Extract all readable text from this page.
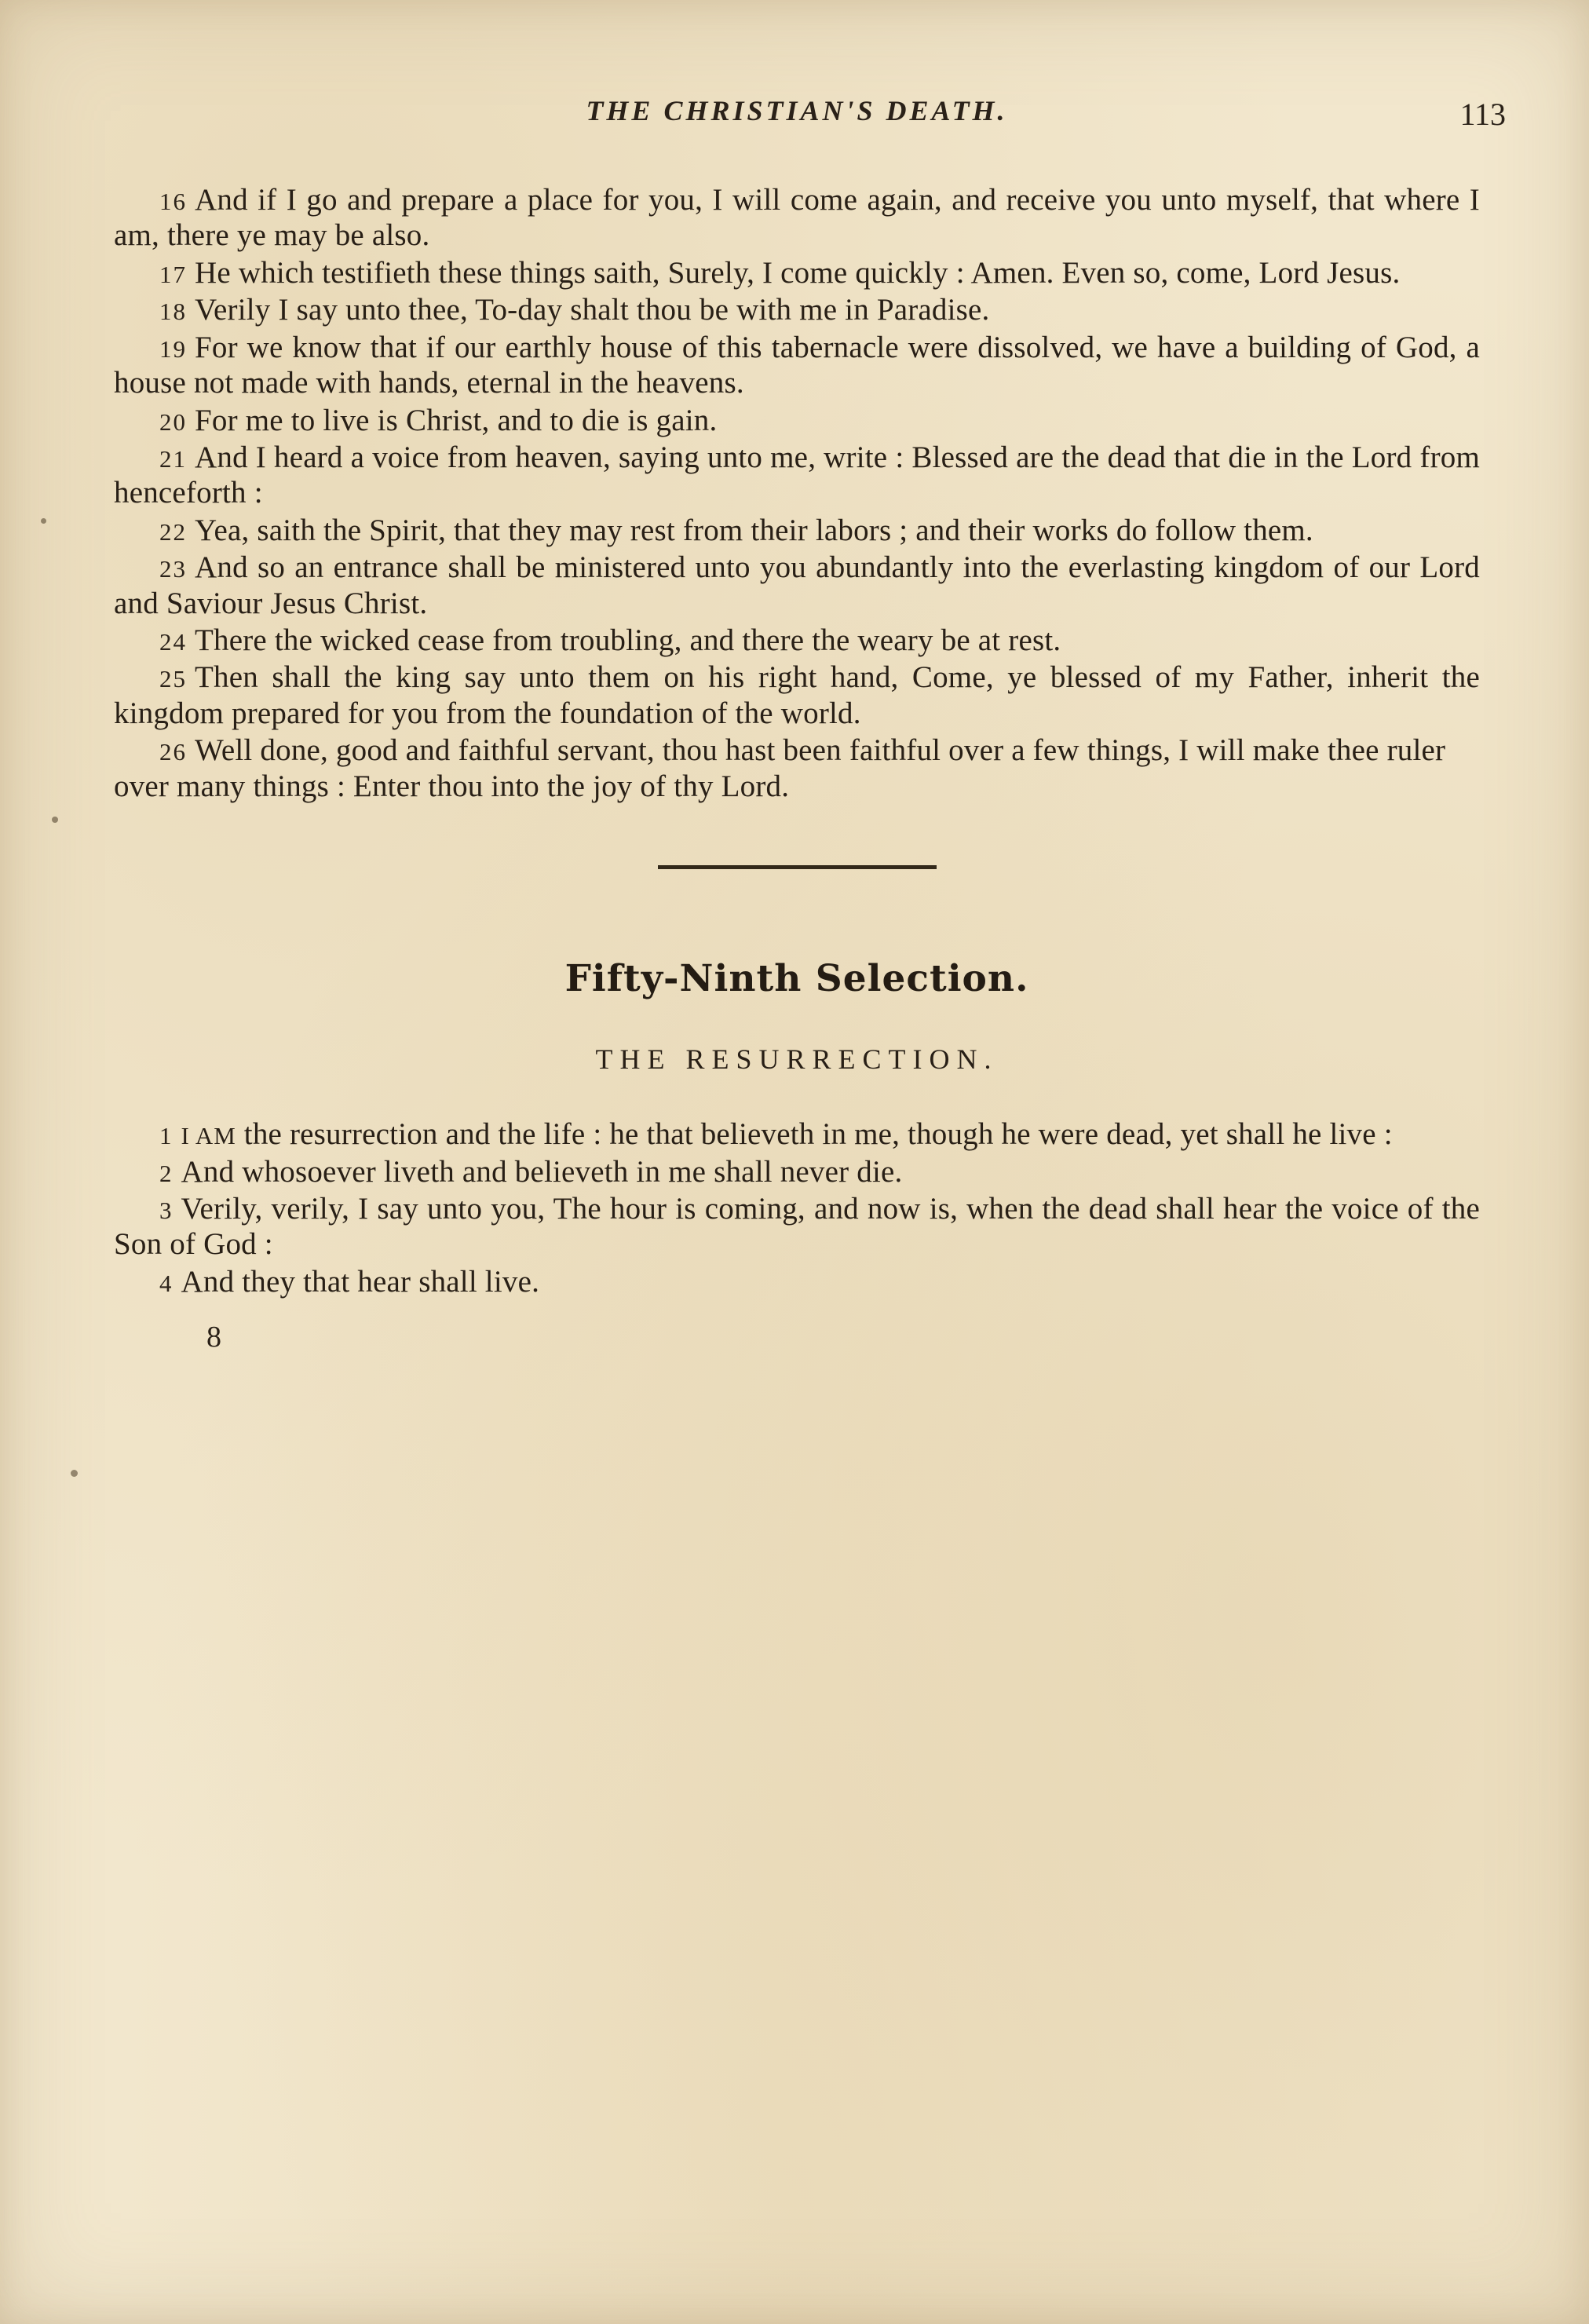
THE CHRISTIAN'S DEATH.	113

16 And if I go and prepare a place for you, I will come again, and receive you unto myself, that where I am, there ye may be also.

17 He which testifieth these things saith, Surely, I come quickly : Amen. Even so, come, Lord Jesus.

18 Verily I say unto thee, To-day shalt thou be with me in Paradise.

19 For we know that if our earthly house of this tabernacle were dissolved, we have a building of God, a house not made with hands, eternal in the heavens.

20 For me to live is Christ, and to die is gain.

21 And I heard a voice from heaven, saying unto me, write : Blessed are the dead that die in the Lord from henceforth :

22 Yea, saith the Spirit, that they may rest from their labors ; and their works do follow them.

23 And so an entrance shall be ministered unto you abundantly into the everlasting kingdom of our Lord and Saviour Jesus Christ.

24 There the wicked cease from troubling, and there the weary be at rest.

25 Then shall the king say unto them on his right hand, Come, ye blessed of my Father, inherit the kingdom prepared for you from the foundation of the world.

26 Well done, good and faithful servant, thou hast been faithful over a few things, I will make thee ruler over many things : Enter thou into the joy of thy Lord.

Fifty-Ninth Selection.
THE RESURRECTION.

1 I AM the resurrection and the life : he that believeth in me, though he were dead, yet shall he live :

2 And whosoever liveth and believeth in me shall never die.

3 Verily, verily, I say unto you, The hour is coming, and now is, when the dead shall hear the voice of the Son of God :

4 And they that hear shall live.

8
